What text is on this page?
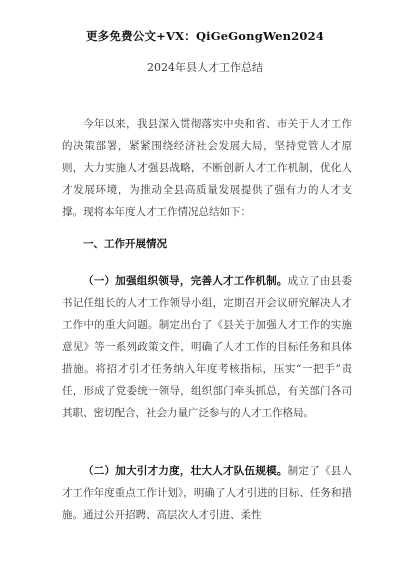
更多免费公文+VX：QiGeGongWen2024
2024年县人才工作总结

今年以来，我县深入贯彻落实中央和省、市关于人才工作的决策部署，紧紧围绕经济社会发展大局，坚持党管人才原则，大力实施人才强县战略，不断创新人才工作机制，优化人才发展环境，为推动全县高质量发展提供了强有力的人才支撑。现将本年度人才工作情况总结如下：

一、工作开展情况

（一）加强组织领导，完善人才工作机制。成立了由县委书记任组长的人才工作领导小组，定期召开会议研究解决人才工作中的重大问题。制定出台了《县关于加强人才工作的实施意见》等一系列政策文件，明确了人才工作的目标任务和具体措施。将招才引才任务纳入年度考核指标，压实“一把手”责任，形成了党委统一领导，组织部门牵头抓总，有关部门各司其职、密切配合，社会力量广泛参与的人才工作格局。

（二）加大引才力度，壮大人才队伍规模。制定了《县人才工作年度重点工作计划》，明确了人才引进的目标、任务和措施。通过公开招聘、高层次人才引进、柔性
